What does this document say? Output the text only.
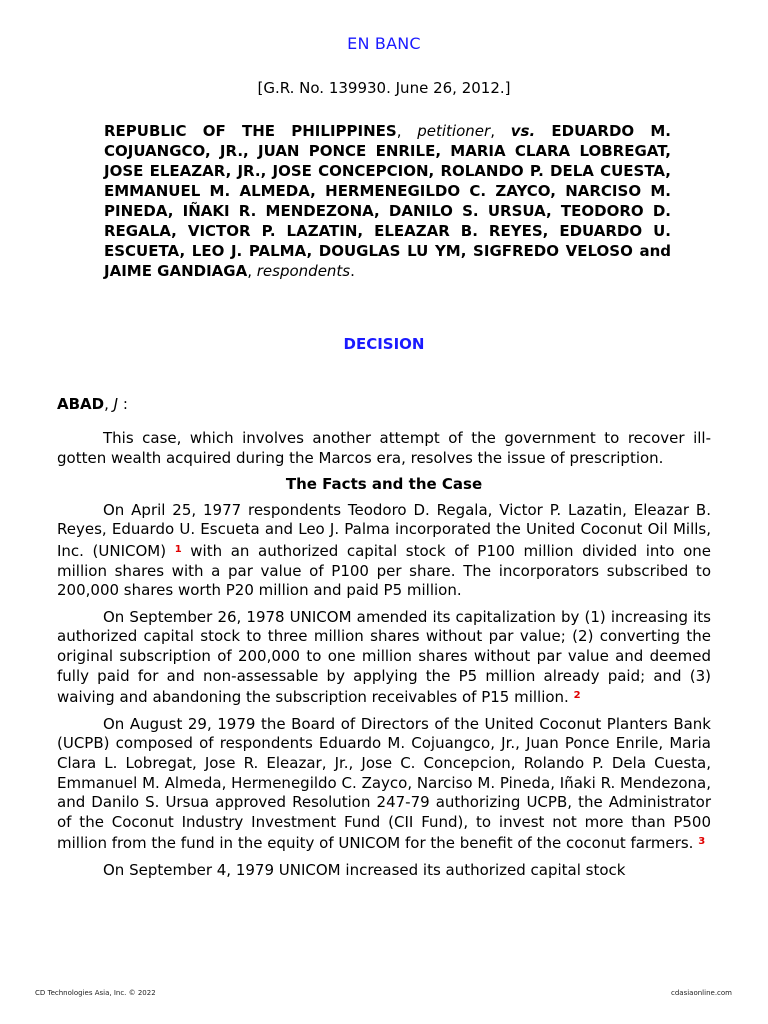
EN BANC
[G.R. No. 139930. June 26, 2012.]
REPUBLIC OF THE PHILIPPINES, petitioner, vs. EDUARDO M. COJUANGCO, JR., JUAN PONCE ENRILE, MARIA CLARA LOBREGAT, JOSE ELEAZAR, JR., JOSE CONCEPCION, ROLANDO P. DELA CUESTA, EMMANUEL M. ALMEDA, HERMENEGILDO C. ZAYCO, NARCISO M. PINEDA, IÑAKI R. MENDEZONA, DANILO S. URSUA, TEODORO D. REGALA, VICTOR P. LAZATIN, ELEAZAR B. REYES, EDUARDO U. ESCUETA, LEO J. PALMA, DOUGLAS LU YM, SIGFREDO VELOSO and JAIME GANDIAGA, respondents.
DECISION
ABAD, J :

This case, which involves another attempt of the government to recover ill-gotten wealth acquired during the Marcos era, resolves the issue of prescription.

The Facts and the Case

On April 25, 1977 respondents Teodoro D. Regala, Victor P. Lazatin, Eleazar B. Reyes, Eduardo U. Escueta and Leo J. Palma incorporated the United Coconut Oil Mills, Inc. (UNICOM) $^1$ with an authorized capital stock of P100 million divided into one million shares with a par value of P100 per share. The incorporators subscribed to 200,000 shares worth P20 million and paid P5 million.

On September 26, 1978 UNICOM amended its capitalization by (1) increasing its authorized capital stock to three million shares without par value; (2) converting the original subscription of 200,000 to one million shares without par value and deemed fully paid for and non-assessable by applying the P5 million already paid; and (3) waiving and abandoning the subscription receivables of P15 million. $^2$

On August 29, 1979 the Board of Directors of the United Coconut Planters Bank (UCPB) composed of respondents Eduardo M. Cojuangco, Jr., Juan Ponce Enrile, Maria Clara L. Lobregat, Jose R. Eleazar, Jr., Jose C. Concepcion, Rolando P. Dela Cuesta, Emmanuel M. Almeda, Hermenegildo C. Zayco, Narciso M. Pineda, Iñaki R. Mendezona, and Danilo S. Ursua approved Resolution 247-79 authorizing UCPB, the Administrator of the Coconut Industry Investment Fund (CII Fund), to invest not more than P500 million from the fund in the equity of UNICOM for the benefit of the coconut farmers. $^3$

On September 4, 1979 UNICOM increased its authorized capital stock

CD Technologies Asia, Inc. © 2022	cdasiaonline.com
